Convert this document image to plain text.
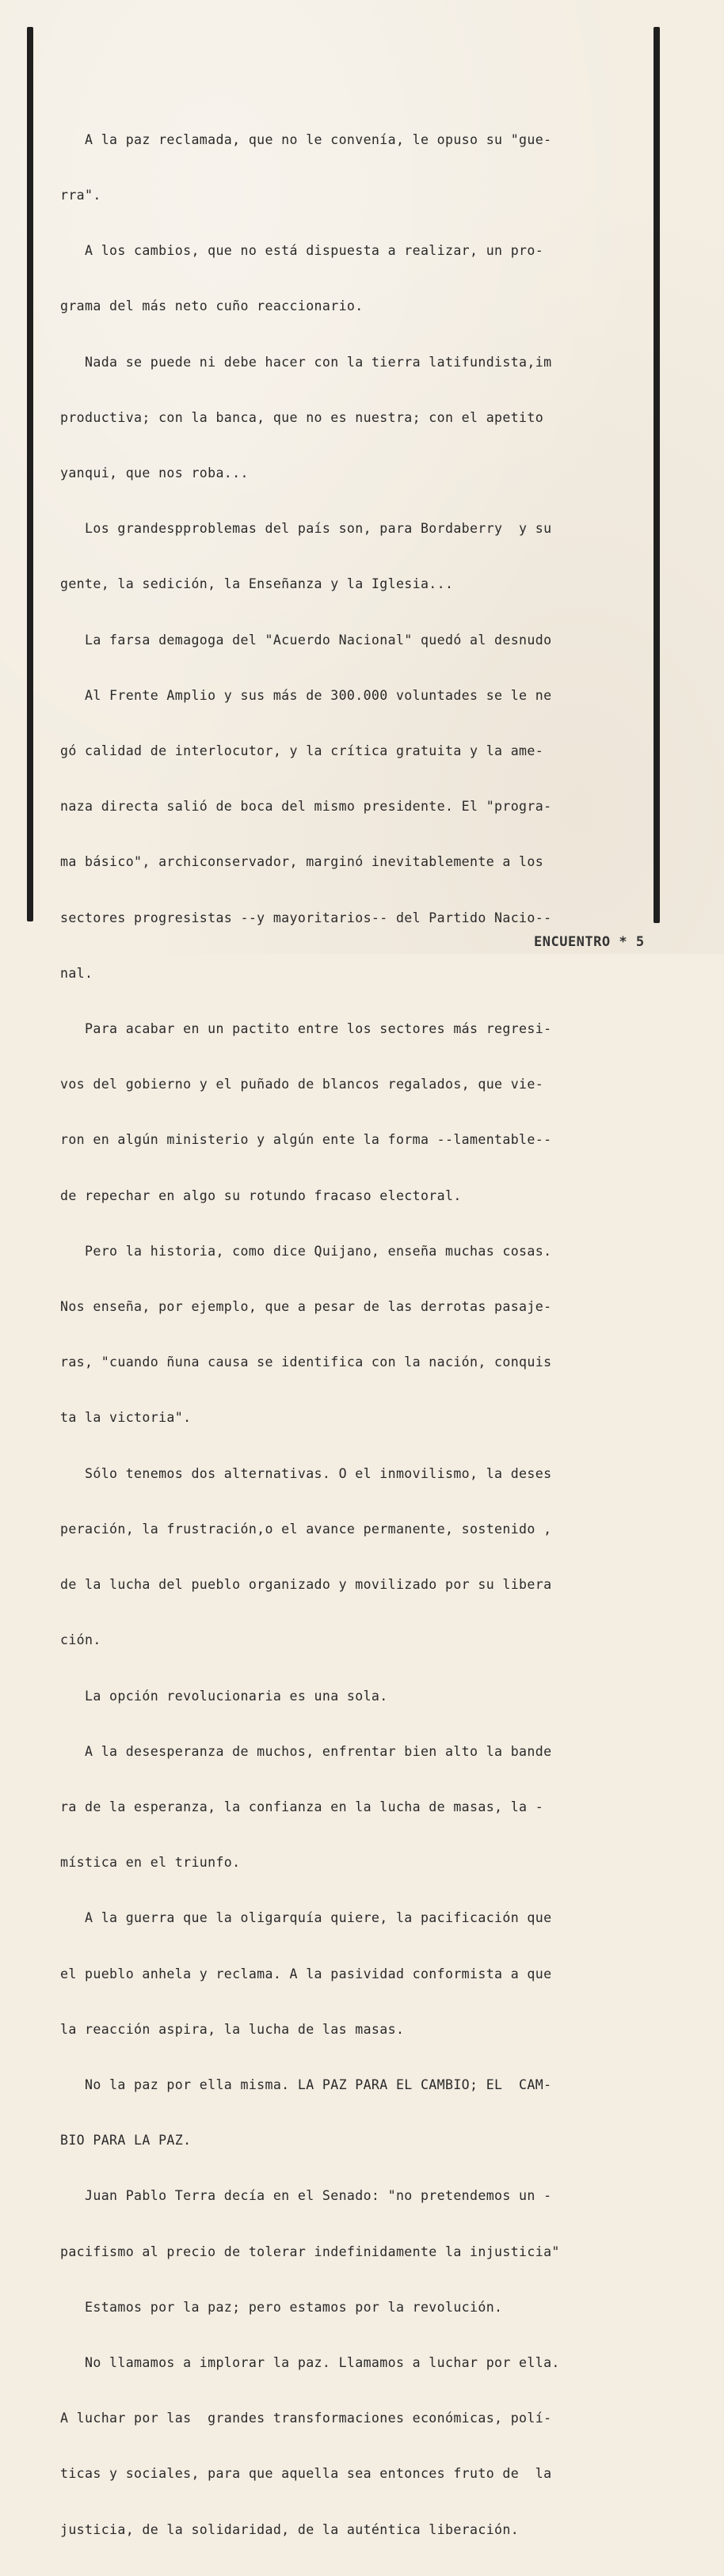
A la paz reclamada, que no le convenía, le opuso su "gue-

rra".

A los cambios, que no está dispuesta a realizar, un pro-

grama del más neto cuño reaccionario.

Nada se puede ni debe hacer con la tierra latifundista,im

productiva; con la banca, que no es nuestra; con el apetito

yanqui, que nos roba...

Los grandespproblemas del país son, para Bordaberry  y su

gente, la sedición, la Enseñanza y la Iglesia...

La farsa demagoga del "Acuerdo Nacional" quedó al desnudo

Al Frente Amplio y sus más de 300.000 voluntades se le ne

gó calidad de interlocutor, y la crítica gratuita y la ame-

naza directa salió de boca del mismo presidente. El "progra-

ma básico", archiconservador, marginó inevitablemente a los

sectores progresistas --y mayoritarios-- del Partido Nacio--

nal.

Para acabar en un pactito entre los sectores más regresi-

vos del gobierno y el puñado de blancos regalados, que vie-

ron en algún ministerio y algún ente la forma --lamentable--

de repechar en algo su rotundo fracaso electoral.

Pero la historia, como dice Quijano, enseña muchas cosas.

Nos enseña, por ejemplo, que a pesar de las derrotas pasaje-

ras, "cuando ñuna causa se identifica con la nación, conquis

ta la victoria".

Sólo tenemos dos alternativas. O el inmovilismo, la deses

peración, la frustración,o el avance permanente, sostenido ,

de la lucha del pueblo organizado y movilizado por su libera

ción.

La opción revolucionaria es una sola.

A la desesperanza de muchos, enfrentar bien alto la bande

ra de la esperanza, la confianza en la lucha de masas, la -

mística en el triunfo.

A la guerra que la oligarquía quiere, la pacificación que

el pueblo anhela y reclama. A la pasividad conformista a que

la reacción aspira, la lucha de las masas.

No la paz por ella misma. LA PAZ PARA EL CAMBIO; EL  CAM-

BIO PARA LA PAZ.

Juan Pablo Terra decía en el Senado: "no pretendemos un -

pacifismo al precio de tolerar indefinidamente la injusticia"

Estamos por la paz; pero estamos por la revolución.

No llamamos a implorar la paz. Llamamos a luchar por ella.

A luchar por las  grandes transformaciones económicas, polí-

ticas y sociales, para que aquella sea entonces fruto de  la

justicia, de la solidaridad, de la auténtica liberación.

ENCUENTRO * 5
